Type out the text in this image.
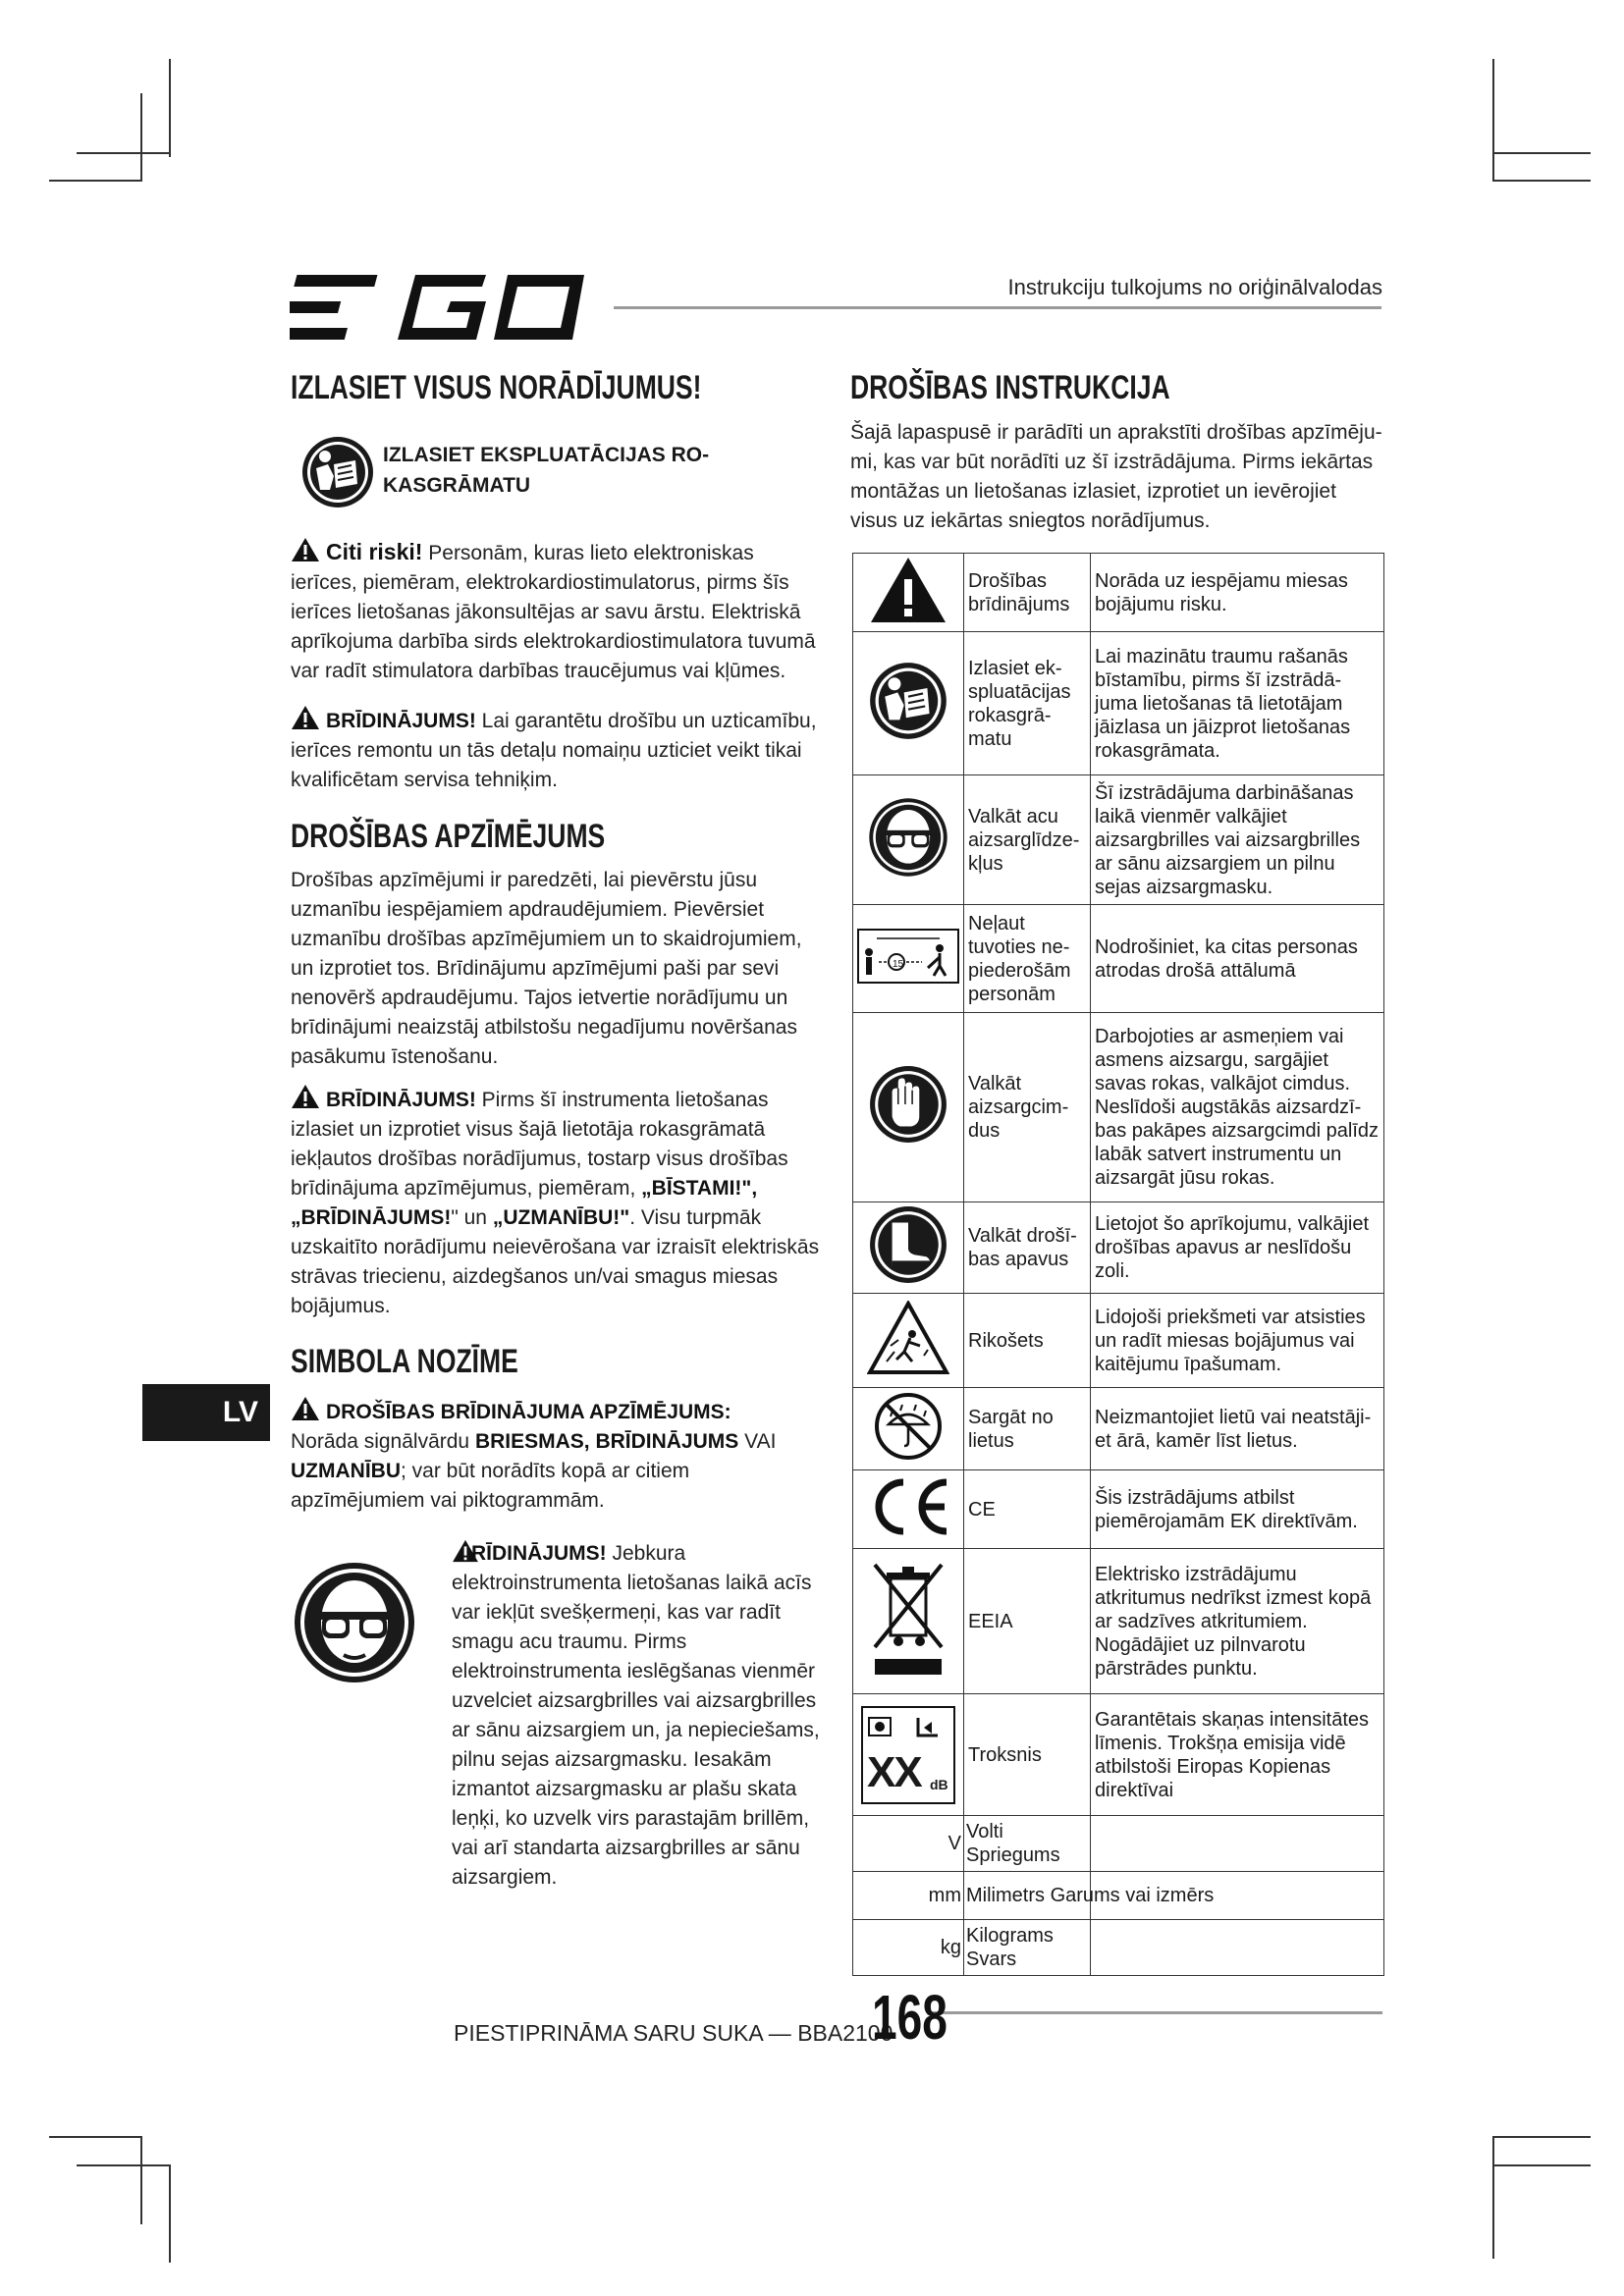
EGO
Instrukciju tulkojums no oriģinālvalodas
IZLASIET VISUS NORĀDĪJUMUS!
IZLASIET EKSPLUATĀCIJAS RO-
KASGRĀMATU
Citi riski! Personām, kuras lieto elektroniskas ierīces, piemēram, elektrokardiostimulatorus, pirms šīs ierīces lietošanas jākonsultējas ar savu ārstu. Elektriskā aprīkojuma darbība sirds elektrokardiostimulatora tuvumā var radīt stimulatora darbības traucējumus vai kļūmes.
BRĪDINĀJUMS! Lai garantētu drošību un uzticamību, ierīces remontu un tās detaļu nomaiņu uzticiet veikt tikai kvalificētam servisa tehniķim.
DROŠĪBAS APZĪMĒJUMS
Drošības apzīmējumi ir paredzēti, lai pievērstu jūsu uzmanību iespējamiem apdraudējumiem. Pievērsiet uzmanību drošības apzīmējumiem un to skaidrojumiem, un izprotiet tos. Brīdinājumu apzīmējumi paši par sevi nenovērš apdraudējumu. Tajos ietvertie norādījumu un brīdinājumi neaizstāj atbilstošu negadījumu novēršanas pasākumu īstenošanu.
BRĪDINĀJUMS! Pirms šī instrumenta lietošanas izlasiet un izprotiet visus šajā lietotāja rokasgrāmatā iekļautos drošības norādījumus, tostarp visus drošības brīdinājuma apzīmējumus, piemēram, „BĪSTAMI!", „BRĪDINĀJUMS!" un „UZMANĪBU!". Visu turpmāk uzskaitīto norādījumu neievērošana var izraisīt elektriskās strāvas triecienu, aizdegšanos un/vai smagus miesas bojājumus.
SIMBOLA NOZĪME
LV	DROŠĪBAS BRĪDINĀJUMA APZĪMĒJUMS:
Norāda signālvārdu BRIESMAS, BRĪDINĀJUMS VAI UZMANĪBU; var būt norādīts kopā ar citiem apzīmējumiem vai piktogrammām.
RĪDINĀJUMS! Jebkura elektroinstrumenta lietošanas laikā acīs var iekļūt svešķermeņi, kas var radīt smagu acu traumu. Pirms elektroinstrumenta ieslēgšanas vienmēr uzvelciet aizsargbrilles vai aizsargbrilles ar sānu aizsargiem un, ja nepieciešams, pilnu sejas aizsargmasku. Iesakām izmantot aizsargmasku ar plašu skata leņķi, ko uzvelk virs parastajām brillēm, vai arī standarta aizsargbrilles ar sānu aizsargiem.
DROŠĪBAS INSTRUKCIJA
Šajā lapaspusē ir parādīti un aprakstīti drošības apzīmēju-mi, kas var būt norādīti uz šī izstrādājuma. Pirms iekārtas montāžas un lietošanas izlasiet, izprotiet un ievērojiet visus uz iekārtas sniegtos norādījumus.
	Drošības brīdinājums	Norāda uz iespējamu miesas bojājumu risku.
	Izlasiet ek-spluatācijas rokasgrā-matu	Lai mazinātu traumu rašanās bīstamību, pirms šī izstrādā-juma lietošanas tā lietotājam jāizlasa un jāizprot lietošanas rokasgrāmata.
	Valkāt acu aizsarglīdze-kļus	Šī izstrādājuma darbināšanas laikā vienmēr valkājiet aizsargbrilles vai aizsargbrilles ar sānu aizsargiem un pilnu sejas aizsargmasku.

15	Neļaut tuvoties ne-piederošām personām	Nodrošiniet, ka citas personas atrodas drošā attālumā
	Valkāt aizsargcim-dus	Darbojoties ar asmeņiem vai asmens aizsargu, sargājiet savas rokas, valkājot cimdus. Neslīdoši augstākās aizsardzī-bas pakāpes aizsargcimdi palīdz labāk satvert instrumentu un aizsargāt jūsu rokas.
	Valkāt drošī-bas apavus	Lietojot šo aprīkojumu, valkājiet drošības apavus ar neslīdošu zoli.
	Rikošets	Lidojoši priekšmeti var atsisties un radīt miesas bojājumus vai kaitējumu īpašumam.
	Sargāt no lietus	Neizmantojiet lietū vai neatstāji-et ārā, kamēr līst lietus.
	CE	Šis izstrādājums atbilst piemērojamām EK direktīvām.
	EEIA	Elektrisko izstrādājumu atkritumus nedrīkst izmest kopā ar sadzīves atkritumiem. Nogādājiet uz pilnvarotu pārstrādes punktu.

XX dB	Troksnis	Garantētais skaņas intensitātes līmenis. Trokšņa emisija vidē atbilstoši Eiropas Kopienas direktīvai
V	Volti Spriegums	
mm	Milimetrs Garums vai izmērs	
kg	Kilograms Svars	
PIESTIPRINĀMA SARU SUKA — BBA2100
168
